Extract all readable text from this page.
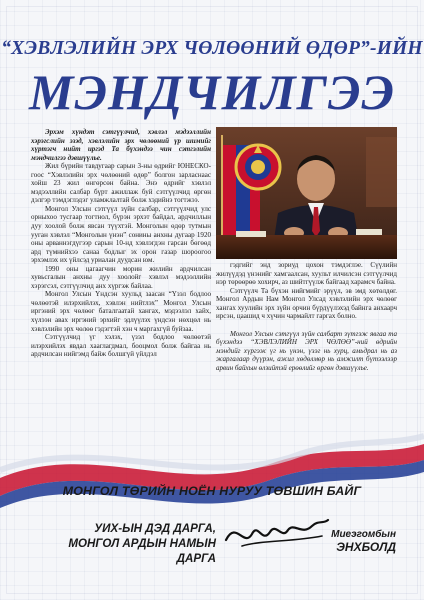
“ХЭВЛЭЛИЙН ЭРХ ЧӨЛӨӨНИЙ ӨДӨР”-ИЙН
МЭНДЧИЛГЭЭ

Эрхэм хүндэт сэтгүүлчид, хэвлэл мэдээллийн хэрэгслийн эзэд, хэвлэлийн эрх чөлөөний үр шимийг хүртэгч нийт иргэд Та бүхэндээ чин сэтгэлийн мэндчилгээ дэвшүүлье.

Жил бүрийн тавдугаар сарын 3-ны өдрийг ЮНЕСКО-гоос “Хэвлэлийн эрх чөлөөний өдөр” болгон зарласнаас хойш 23 жил өнгөрсөн байна. Энэ өдрийг хэвлэл мэдээллийн салбар бүрт ажиллаж буй сэтгүүлчид өргөн дэлгэр тэмдэглэдэг уламжлалтай болж хэдийнэ тогтжээ.

Монгол Улсын сэтгүүл зүйн салбар, сэтгүүлчид улс орныхоо тусгаар тогтнол, бүрэн эрхэт байдал, ардчиллын дуу хоолой болж явсан түүхтэй. Монголын өдөр тутмын ууган хэвлэл “Монголын үнэн” сонины анхны дугаар 1920 оны арваннэгдүгээр сарын 10-нд хэвлэгдэн гарсан бөгөөд ард түмнийхээ санаа бодлыг эх орон газар шороогоо эрхэмлэх их үйлсэд уриалан дуудсан юм.

1990 оны цагаагчин морин жилийн ардчилсан хувьсгалын анхны дуу хоолойг хэвлэл мэдээллийн хэрэгсэл, сэтгүүлчид анх хүргэж байлаа.

Монгол Улсын Үндсэн хуульд заасан “Үзэл бодлоо чөлөөтэй илэрхийлэх, хэвлэн нийтлэх” Монгол Улсын иргэний эрх чөлөөг баталгаатай хангах, мэдээлэл хайх, хүлээн авах иргэний эрхийг эдлүүлэх үндсэн нөхцөл нь хэвлэлийн эрх чөлөө гэдэгтэй хэн ч маргахгүй буйзаа.

Сэтгүүлчид үг хэлэх, үзэл бодлоо чөлөөтэй илэрхийлэх явдал хааглагдмал, бооцмол болж байгаа нь ардчилсан нийгэмд байж болшгүй үйлдэл

гэдгийг энд зориуд цохон тэмдэглэе. Сүүлийн жилүүдэд үнэнийг хамгаалсан, хуульт илчилсэн сэтгүүлчид нэр төрөөрөө хохирч, аз шийтгүүлж байгаад харамсч байна.

Сэтгүүлч Та бүхэн нийгмийг эрүүл, эв эмд хөтөлдөг. Монгол Ардын Нам Монгол Улсад хэвлэлийн эрх чөлөөг хангах хуулийн эрх зүйн орчин бүрдүүлэхэд байнга анхаарч ирсэн, цаашид ч хүчин чармайлт гаргах болно.

Монгол Улсын сэтгүүл зүйн салбарт зүтгэж явгаа та бүхэндээ “ХЭВЛЭЛИЙН ЭРХ ЧӨЛӨӨ”-ний өдрийн мэндийг хүргэж үг нь үнэн, үзэг нь хурц, амьдрал нь аз жаргалаар дүүрэн, ажил хөдөлмөр нь амжилт бүтээлээр арвин байхын өлзийтэй ерөөлийг өргөн дэвшүүлье.

МОНГОЛ ТӨРИЙН НОЁН НУРУУ ТӨВШИН БАЙГ
УИХ-ЫН ДЭД ДАРГА,
МОНГОЛ АРДЫН НАМЫН ДАРГА
Миеэгомбын
ЭНХБОЛД
